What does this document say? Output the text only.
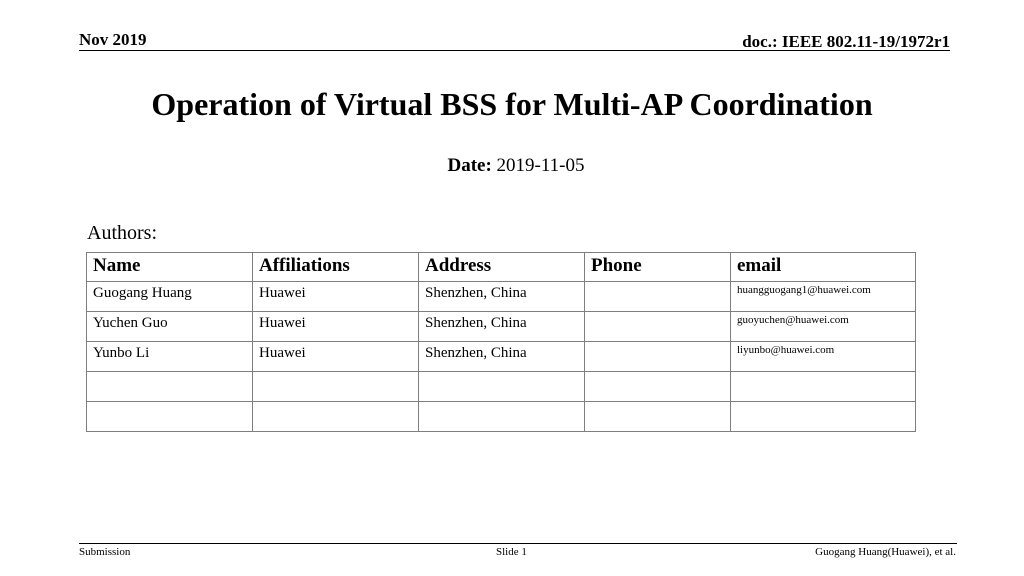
Nov 2019	doc.: IEEE 802.11-19/1972r1
Operation of Virtual BSS for Multi-AP Coordination
Date: 2019-11-05
Authors:
Name	Affiliations	Address	Phone	email
Guogang Huang	Huawei	Shenzhen, China		huangguogang1@huawei.com
Yuchen Guo	Huawei	Shenzhen, China		guoyuchen@huawei.com
Yunbo Li	Huawei	Shenzhen, China		liyunbo@huawei.com

Submission	Slide 1	Guogang Huang(Huawei), et al.
